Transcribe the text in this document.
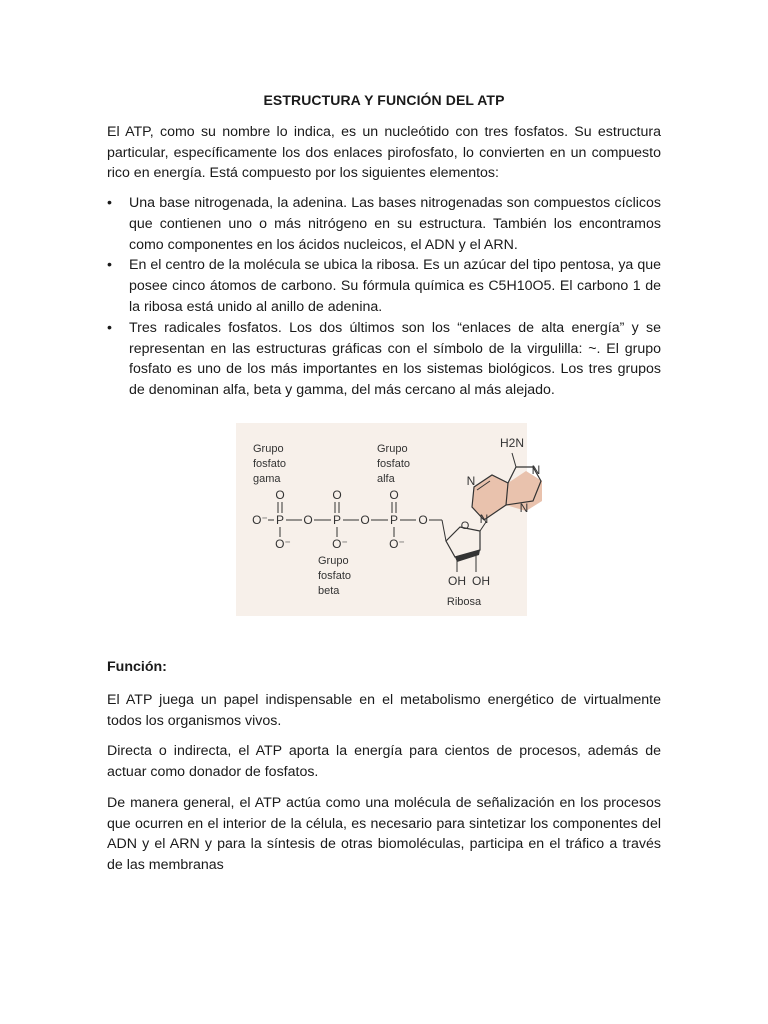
ESTRUCTURA Y FUNCIÓN DEL ATP

El ATP, como su nombre lo indica, es un nucleótido con tres fosfatos. Su estructura particular, específicamente los dos enlaces pirofosfato, lo convierten en un compuesto rico en energía. Está compuesto por los siguientes elementos:

• Una base nitrogenada, la adenina. Las bases nitrogenadas son compuestos cíclicos que contienen uno o más nitrógeno en su estructura. También los encontramos como componentes en los ácidos nucleicos, el ADN y el ARN.
• En el centro de la molécula se ubica la ribosa. Es un azúcar del tipo pentosa, ya que posee cinco átomos de carbono. Su fórmula química es C5H10O5. El carbono 1 de la ribosa está unido al anillo de adenina.
• Tres radicales fosfatos. Los dos últimos son los “enlaces de alta energía” y se representan en las estructuras gráficas con el símbolo de la virgulilla: ~. El grupo fosfato es uno de los más importantes en los sistemas biológicos. Los tres grupos de denominan alfa, beta y gamma, del más cercano al más alejado.
Grupo
fosfato
gama
Grupo
fosfato
alfa
Grupo
fosfato
beta
O	O	O
O⁻ P O P O P O
O⁻	O⁻	O⁻
O
OH OH
Ribosa
H2N
N
N
N
N
Función:

El ATP juega un papel indispensable en el metabolismo energético de virtualmente todos los organismos vivos.

Directa o indirecta, el ATP aporta la energía para cientos de procesos, además de actuar como donador de fosfatos.

De manera general, el ATP actúa como una molécula de señalización en los procesos que ocurren en el interior de la célula, es necesario para sintetizar los componentes del ADN y el ARN y para la síntesis de otras biomoléculas, participa en el tráfico a través de las membranas
